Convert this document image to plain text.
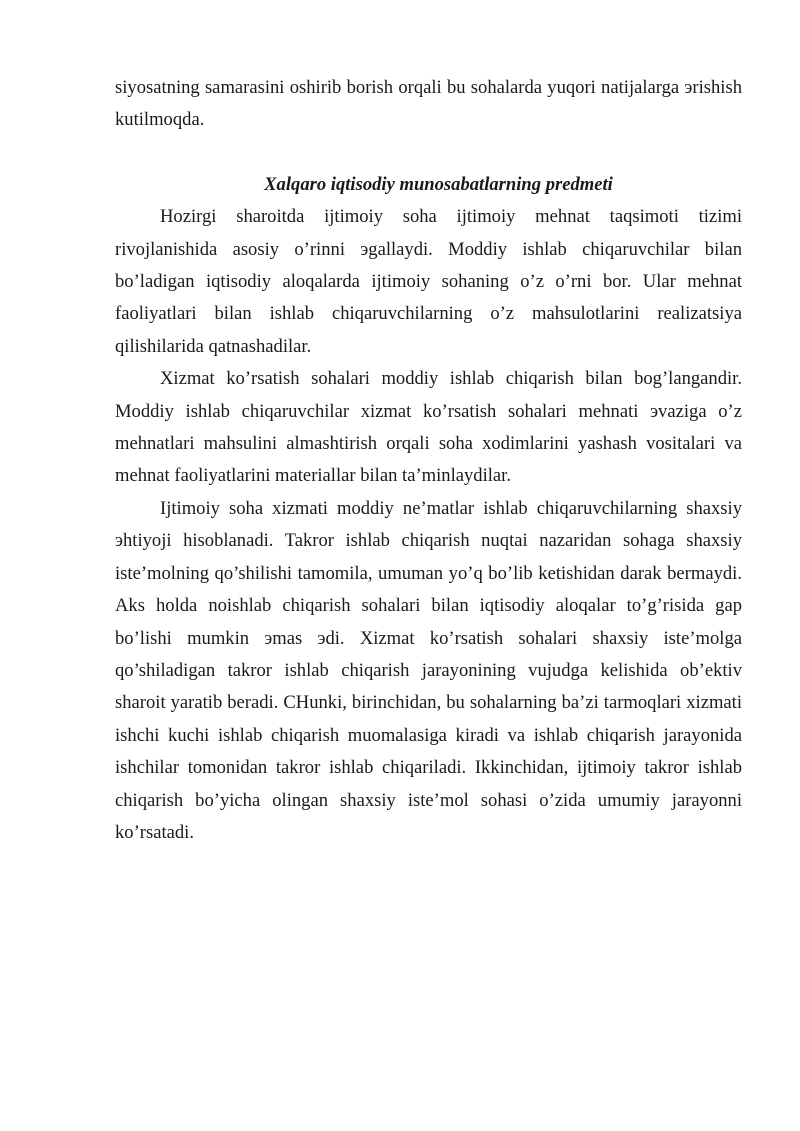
siyosatning samarasini oshirib borish orqali bu sohalarda yuqori natijalarga эrishish kutilmoqda.

Xalqaro iqtisodiy munosabatlarning predmeti

Hozirgi sharoitda ijtimoiy soha ijtimoiy mehnat taqsimoti tizimi rivojlanishida asosiy o’rinni эgallaydi. Moddiy ishlab chiqaruvchilar bilan bo’ladigan iqtisodiy aloqalarda ijtimoiy sohaning o’z o’rni bor. Ular mehnat faoliyatlari bilan ishlab chiqaruvchilarning o’z mahsulotlarini realizatsiya qilishilarida qatnashadilar.

Xizmat ko’rsatish sohalari moddiy ishlab chiqarish bilan bog’langandir. Moddiy ishlab chiqaruvchilar xizmat ko’rsatish sohalari mehnati эvaziga o’z mehnatlari mahsulini almashtirish orqali soha xodimlarini yashash vositalari va mehnat faoliyatlarini materiallar bilan ta’minlaydilar.

Ijtimoiy soha xizmati moddiy ne’matlar ishlab chiqaruvchilarning shaxsiy эhtiyoji hisoblanadi. Takror ishlab chiqarish nuqtai nazaridan sohaga shaxsiy iste’molning qo’shilishi tamomila, umuman yo’q bo’lib ketishidan darak bermaydi. Aks holda noishlab chiqarish sohalari bilan iqtisodiy aloqalar to’g’risida gap bo’lishi mumkin эmas эdi. Xizmat ko’rsatish sohalari shaxsiy iste’molga qo’shiladigan takror ishlab chiqarish jarayonining vujudga kelishida ob’ektiv sharoit yaratib beradi. CHunki, birinchidan, bu sohalarning ba’zi tarmoqlari xizmati ishchi kuchi ishlab chiqarish muomalasiga kiradi va ishlab chiqarish jarayonida ishchilar tomonidan takror ishlab chiqariladi. Ikkinchidan, ijtimoiy takror ishlab chiqarish bo’yicha olingan shaxsiy iste’mol sohasi o’zida umumiy jarayonni ko’rsatadi.
